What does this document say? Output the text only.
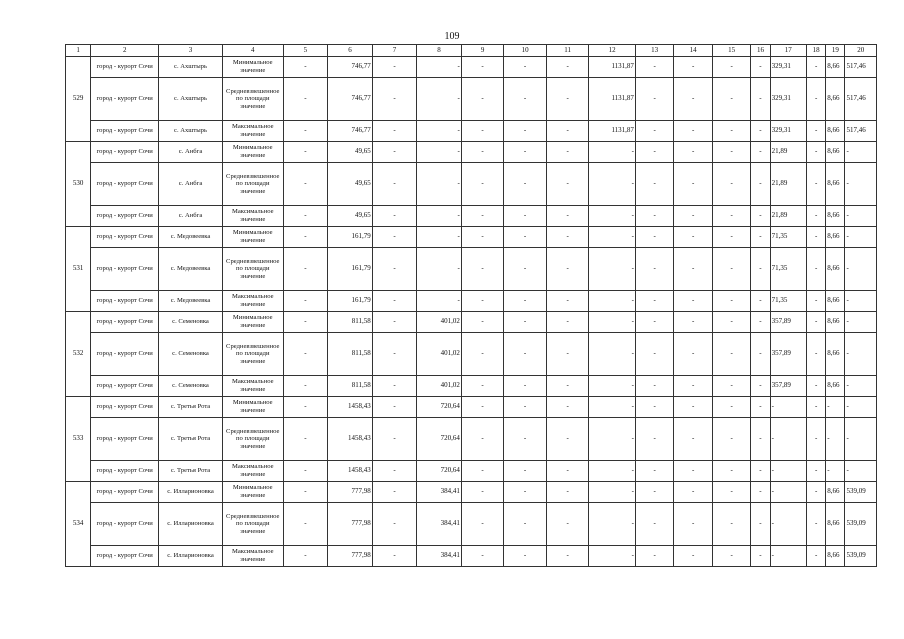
109
1	2	3	4	5	6	7	8	9	10	11	12	13	14	15	16	17	18	19	20
529	город - курорт Сочи	с. Ахштырь	Минимальное значение	-	746,77	-	-	-	-	-	1131,87	-	-	-	-	329,31	-	8,66	517,46
	город - курорт Сочи	с. Ахштырь	Средневзвешенное по площади значение	-	746,77	-	-	-	-	-	1131,87	-	-	-	-	329,31	-	8,66	517,46
	город - курорт Сочи	с. Ахштырь	Максимальное значение	-	746,77	-	-	-	-	-	1131,87	-	-	-	-	329,31	-	8,66	517,46
530	город - курорт Сочи	с. Анбга	Минимальное значение	-	49,65	-	-	-	-	-	-	-	-	-	-	21,89	-	8,66	-
	город - курорт Сочи	с. Анбга	Средневзвешенное по площади значение	-	49,65	-	-	-	-	-	-	-	-	-	-	21,89	-	8,66	-
	город - курорт Сочи	с. Анбга	Максимальное значение	-	49,65	-	-	-	-	-	-	-	-	-	-	21,89	-	8,66	-
531	город - курорт Сочи	с. Медовеевка	Минимальное значение	-	161,79	-	-	-	-	-	-	-	-	-	-	71,35	-	8,66	-
	город - курорт Сочи	с. Медовеевка	Средневзвешенное по площади значение	-	161,79	-	-	-	-	-	-	-	-	-	-	71,35	-	8,66	-
	город - курорт Сочи	с. Медовеевка	Максимальное значение	-	161,79	-	-	-	-	-	-	-	-	-	-	71,35	-	8,66	-
532	город - курорт Сочи	с. Семеновка	Минимальное значение	-	811,58	-	401,02	-	-	-	-	-	-	-	-	357,89	-	8,66	-
	город - курорт Сочи	с. Семеновка	Средневзвешенное по площади значение	-	811,58	-	401,02	-	-	-	-	-	-	-	-	357,89	-	8,66	-
	город - курорт Сочи	с. Семеновка	Максимальное значение	-	811,58	-	401,02	-	-	-	-	-	-	-	-	357,89	-	8,66	-
533	город - курорт Сочи	с. Третья Рота	Минимальное значение	-	1458,43	-	720,64	-	-	-	-	-	-	-	-	-	-	-	-
	город - курорт Сочи	с. Третья Рота	Средневзвешенное по площади значение	-	1458,43	-	720,64	-	-	-	-	-	-	-	-	-	-	-	-
	город - курорт Сочи	с. Третья Рота	Максимальное значение	-	1458,43	-	720,64	-	-	-	-	-	-	-	-	-	-	-	-
534	город - курорт Сочи	с. Илларионовка	Минимальное значение	-	777,98	-	384,41	-	-	-	-	-	-	-	-	-	-	8,66	539,09
	город - курорт Сочи	с. Илларионовка	Средневзвешенное по площади значение	-	777,98	-	384,41	-	-	-	-	-	-	-	-	-	-	8,66	539,09
	город - курорт Сочи	с. Илларионовка	Максимальное значение	-	777,98	-	384,41	-	-	-	-	-	-	-	-	-	-	8,66	539,09
